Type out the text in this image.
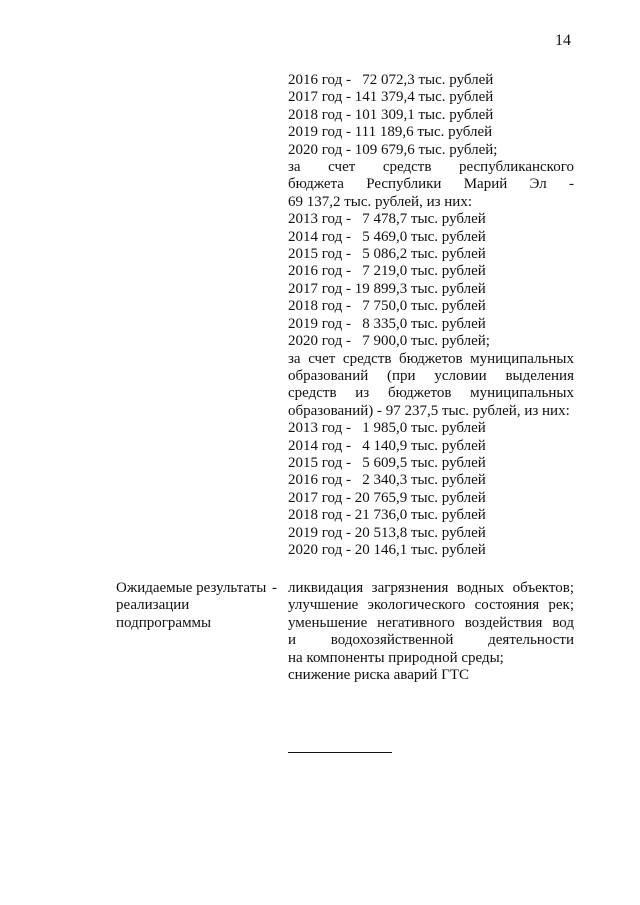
14
2016 год -   72 072,3 тыс. рублей
2017 год - 141 379,4 тыс. рублей
2018 год - 101 309,1 тыс. рублей
2019 год - 111 189,6 тыс. рублей
2020 год - 109 679,6 тыс. рублей;
за счет средств республиканского
бюджета Республики Марий Эл -
69 137,2 тыс. рублей, из них:
2013 год -   7 478,7 тыс. рублей
2014 год -   5 469,0 тыс. рублей
2015 год -   5 086,2 тыс. рублей
2016 год -   7 219,0 тыс. рублей
2017 год - 19 899,3 тыс. рублей
2018 год -   7 750,0 тыс. рублей
2019 год -   8 335,0 тыс. рублей
2020 год -   7 900,0 тыс. рублей;
за счет средств бюджетов муниципальных
образований (при условии выделения
средств из бюджетов муниципальных
образований) - 97 237,5 тыс. рублей, из них:
2013 год -   1 985,0 тыс. рублей
2014 год -   4 140,9 тыс. рублей
2015 год -   5 609,5 тыс. рублей
2016 год -   2 340,3 тыс. рублей
2017 год - 20 765,9 тыс. рублей
2018 год - 21 736,0 тыс. рублей
2019 год - 20 513,8 тыс. рублей
2020 год - 20 146,1 тыс. рублей
Ожидаемые результаты
реализации
подпрограммы
- ликвидация загрязнения водных объектов;
улучшение экологического состояния рек;
уменьшение негативного воздействия вод
и водохозяйственной деятельности
на компоненты природной среды;
снижение риска аварий ГТС
